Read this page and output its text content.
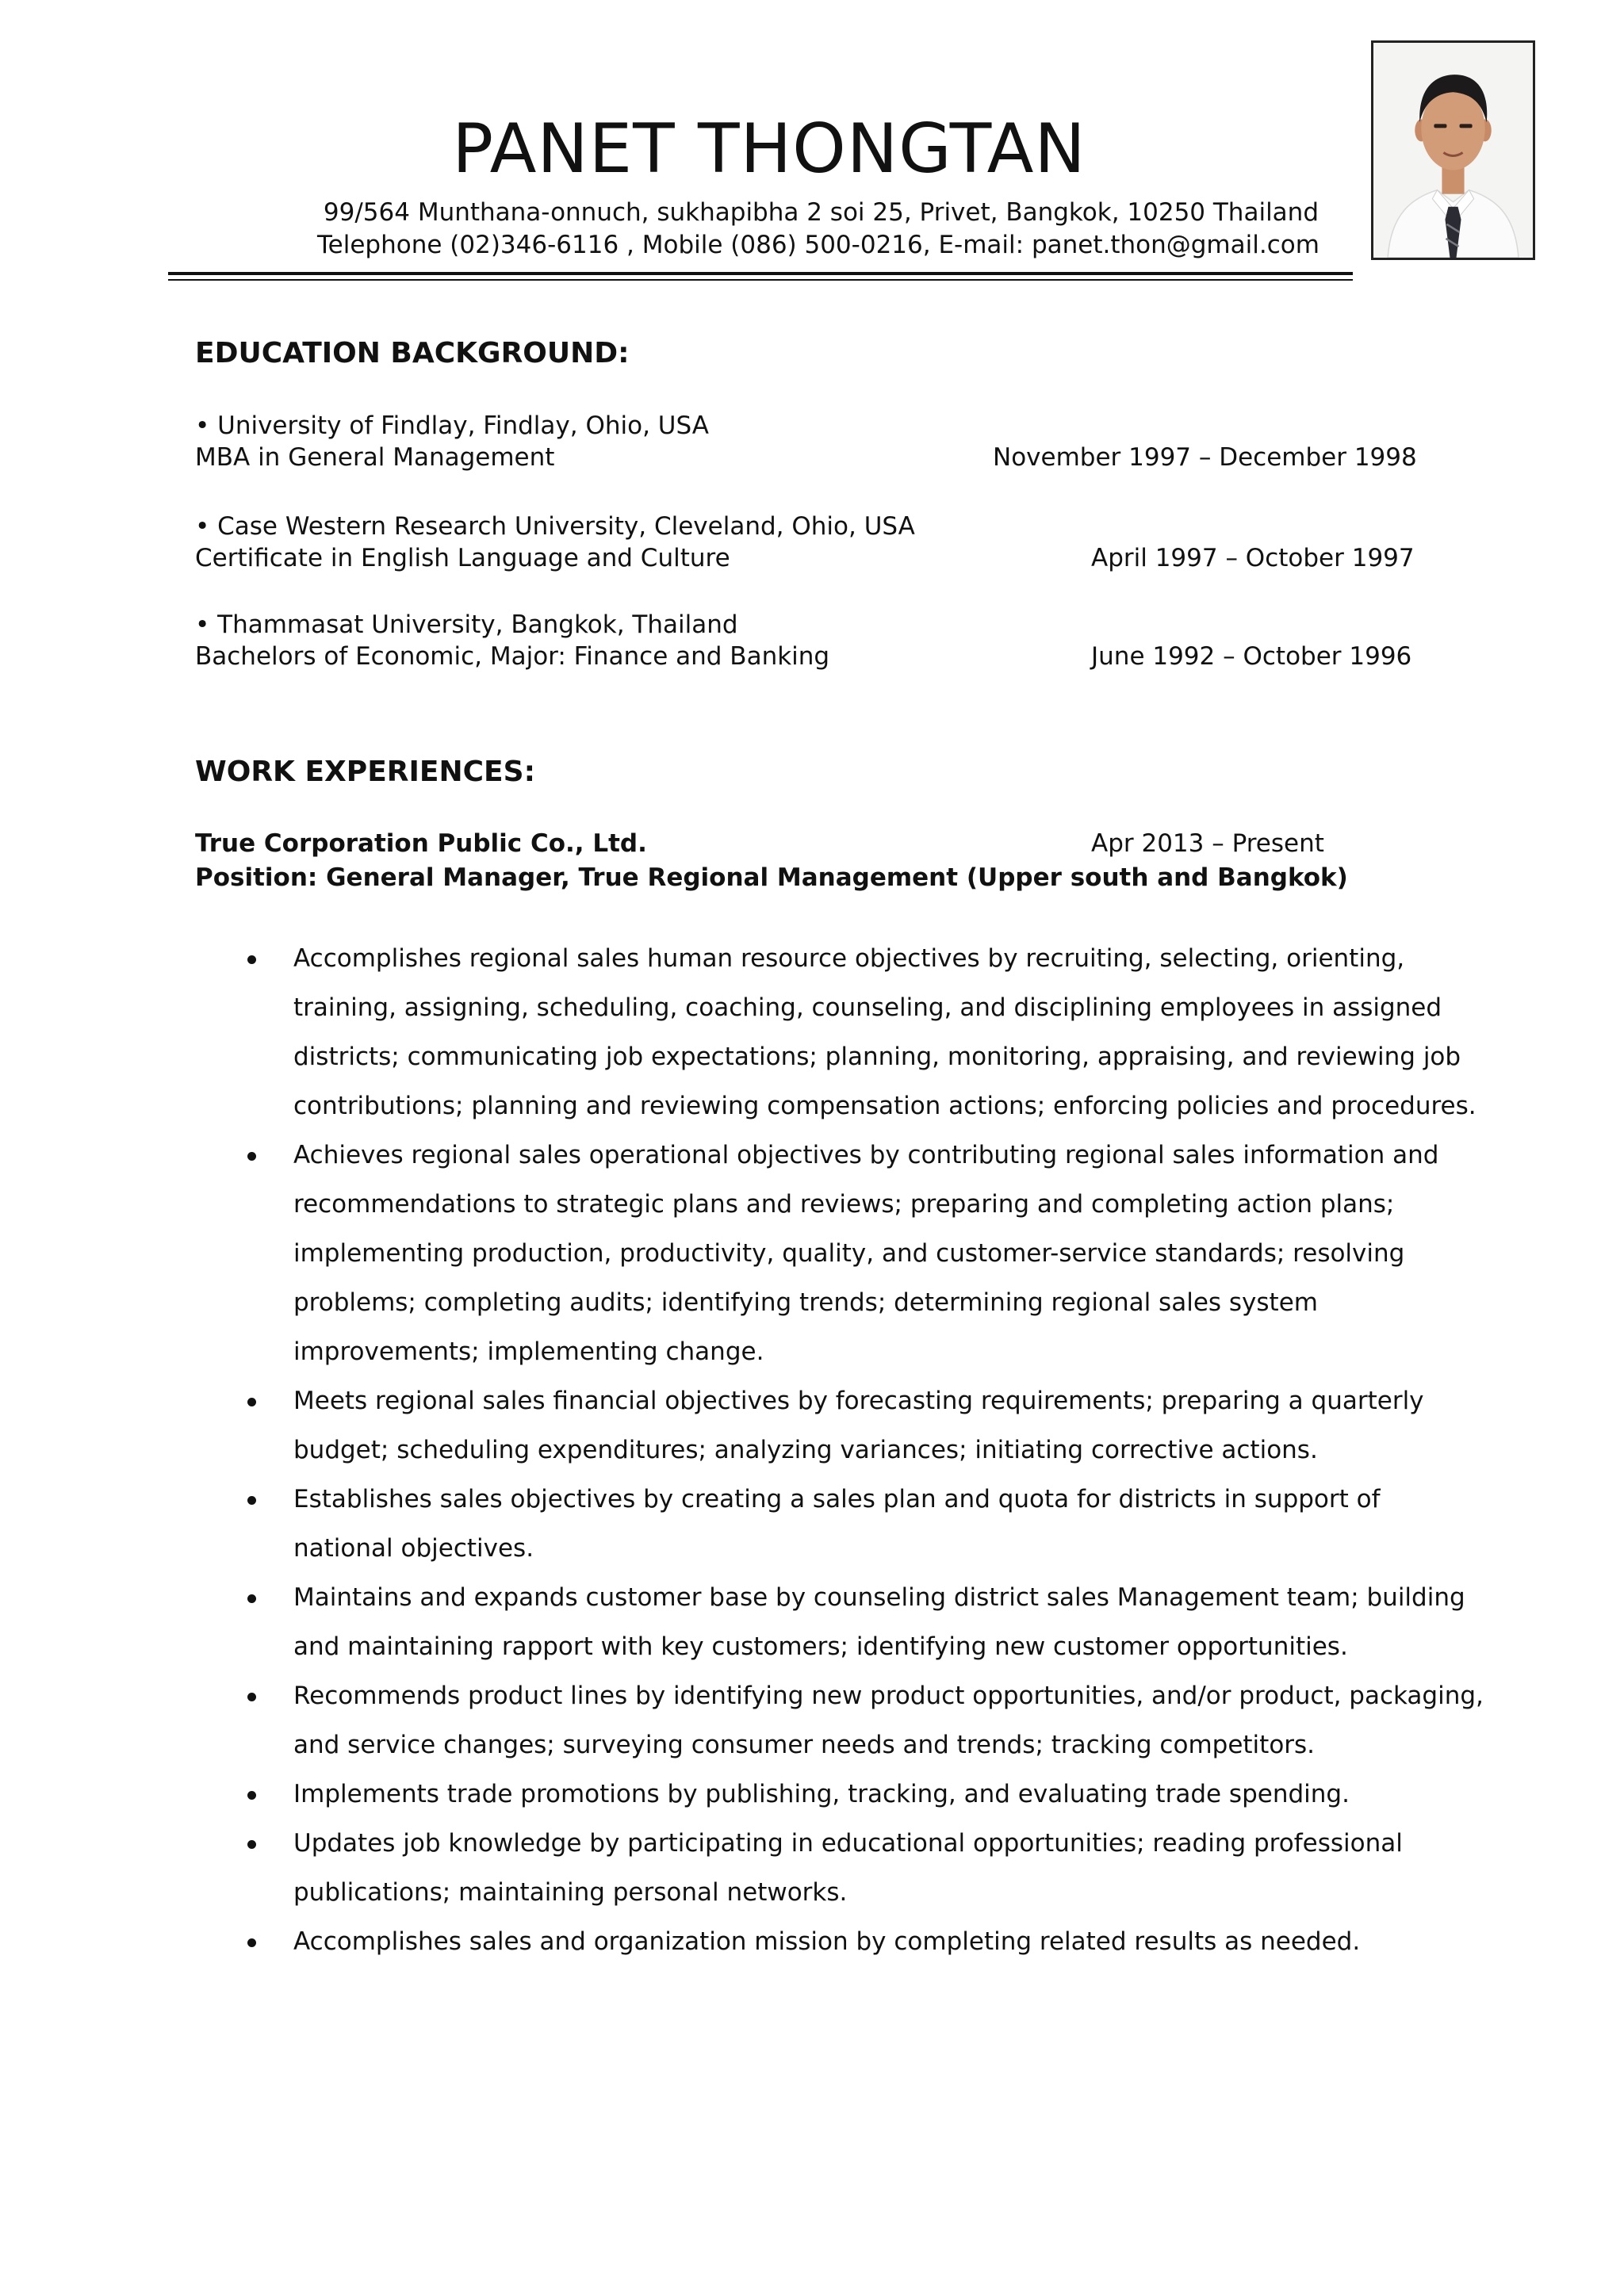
PANET THONGTAN
99/564 Munthana-onnuch, sukhapibha 2 soi 25, Privet, Bangkok, 10250 Thailand
Telephone (02)346-6116 , Mobile (086) 500-0216, E-mail: panet.thon@gmail.com
EDUCATION BACKGROUND:
• University of Findlay, Findlay, Ohio, USA
MBA in General Management	November 1997 – December 1998
• Case Western Research University, Cleveland, Ohio, USA
Certificate in English Language and Culture	April 1997 – October 1997
• Thammasat University, Bangkok, Thailand
Bachelors of Economic, Major: Finance and Banking	June 1992 – October 1996
WORK EXPERIENCES:
True Corporation Public Co., Ltd.	Apr 2013 – Present
Position: General Manager, True Regional Management (Upper south and Bangkok)
Accomplishes regional sales human resource objectives by recruiting, selecting, orienting,
training, assigning, scheduling, coaching, counseling, and disciplining employees in assigned
districts; communicating job expectations; planning, monitoring, appraising, and reviewing job
contributions; planning and reviewing compensation actions; enforcing policies and procedures.
Achieves regional sales operational objectives by contributing regional sales information and
recommendations to strategic plans and reviews; preparing and completing action plans;
implementing production, productivity, quality, and customer-service standards; resolving
problems; completing audits; identifying trends; determining regional sales system
improvements; implementing change.
Meets regional sales financial objectives by forecasting requirements; preparing a quarterly
budget; scheduling expenditures; analyzing variances; initiating corrective actions.
Establishes sales objectives by creating a sales plan and quota for districts in support of
national objectives.
Maintains and expands customer base by counseling district sales Management team; building
and maintaining rapport with key customers; identifying new customer opportunities.
Recommends product lines by identifying new product opportunities, and/or product, packaging,
and service changes; surveying consumer needs and trends; tracking competitors.
Implements trade promotions by publishing, tracking, and evaluating trade spending.
Updates job knowledge by participating in educational opportunities; reading professional
publications; maintaining personal networks.
Accomplishes sales and organization mission by completing related results as needed.
